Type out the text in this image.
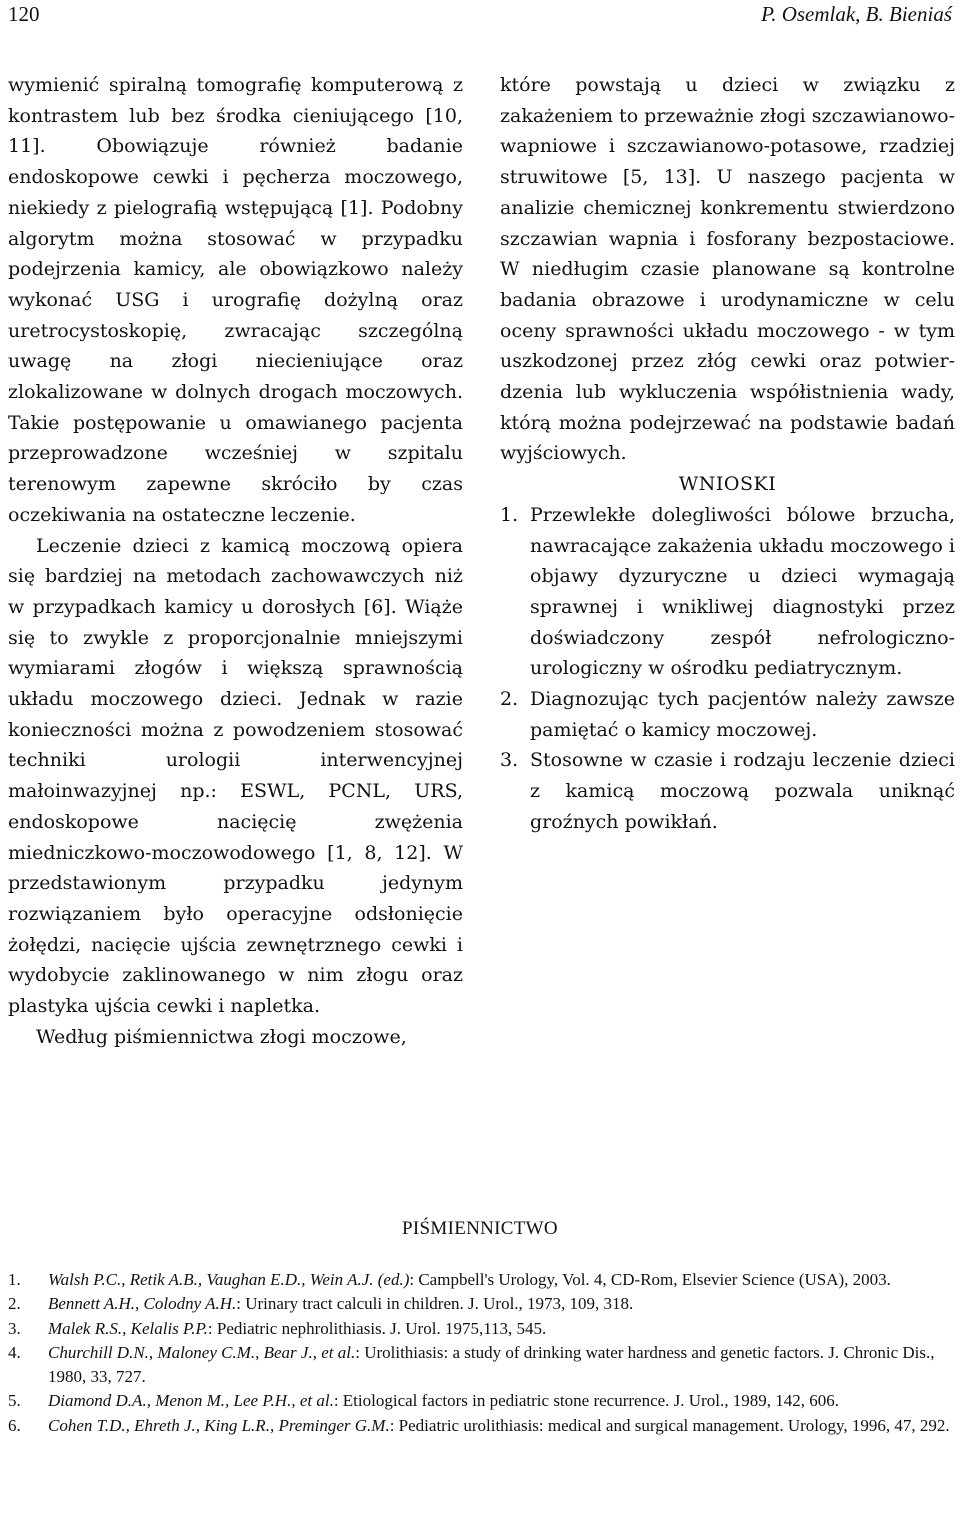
120	P. Osemlak, B. Bieniaś

wymienić spiralną tomografię komputerową z kontrastem lub bez środka cieniującego [10, 11]. Obowiązuje również badanie endoskopowe cewki i pęcherza moczowego, niekiedy z pielografią wstępującą [1]. Podobny algorytm można stosować w przypadku podejrzenia kamicy, ale obowiązkowo należy wykonać USG i urografię dożylną oraz uretrocystoskopię, zwracając szczególną uwagę na złogi niecieniujące oraz zlokalizowane w dolnych drogach moczowych. Takie postępowanie u omawianego pacjenta przeprowadzone wcześniej w szpitalu terenowym zapewne skróciło by czas oczekiwania na ostateczne leczenie.

Leczenie dzieci z kamicą moczową opiera się bardziej na metodach zachowawczych niż w przypadkach kamicy u dorosłych [6]. Wiąże się to zwykle z proporcjonalnie mniejszymi wymiarami złogów i większą sprawnością układu moczowego dzieci. Jednak w razie konieczności można z powodzeniem stosować techniki urologii interwencyjnej małoinwazyjnej np.: ESWL, PCNL, URS, endoskopowe nacięcię zwężenia miedniczkowo-moczowodowego [1, 8, 12]. W przedstawionym przypadku jedynym rozwiązaniem było operacyjne odsłonięcie żołędzi, nacięcie ujścia zewnętrznego cewki i wydobycie zaklinowanego w nim złogu oraz plastyka ujścia cewki i napletka.

Według piśmiennictwa złogi moczowe,

które powstają u dzieci w związku z zakażeniem to przeważnie złogi szczawianowo-wapniowe i szczawianowo-potasowe, rzadziej struwitowe [5, 13]. U naszego pacjenta w analizie chemicznej konkrementu stwierdzono szczawian wapnia i fosforany bezpostaciowe. W niedługim czasie planowane są kontrolne badania obrazowe i urodynamiczne w celu oceny sprawności układu moczowego - w tym uszkodzonej przez złóg cewki oraz potwierdzenia lub wykluczenia współistnienia wady, którą można podejrzewać na podstawie badań wyjściowych.

WNIOSKI

1. Przewlekłe dolegliwości bólowe brzucha, nawracające zakażenia układu moczowego i objawy dyzuryczne u dzieci wymagają sprawnej i wnikliwej diagnostyki przez doświadczony zespół nefrologiczno-urologiczny w ośrodku pediatrycznym.
2. Diagnozując tych pacjentów należy zawsze pamiętać o kamicy moczowej.
3. Stosowne w czasie i rodzaju leczenie dzieci z kamicą moczową pozwala uniknąć groźnych powikłań.
PIŚMIENNICTWO
1.	Walsh P.C., Retik A.B., Vaughan E.D., Wein A.J. (ed.): Campbell's Urology, Vol. 4, CD-Rom, Elsevier Science (USA), 2003.
2.	Bennett A.H., Colodny A.H.: Urinary tract calculi in children. J. Urol., 1973, 109, 318.
3.	Malek R.S., Kelalis P.P.: Pediatric nephrolithiasis. J. Urol. 1975,113, 545.
4.	Churchill D.N., Maloney C.M., Bear J., et al.: Urolithiasis: a study of drinking water hardness and genetic factors. J. Chronic Dis., 1980, 33, 727.
5.	Diamond D.A., Menon M., Lee P.H., et al.: Etiological factors in pediatric stone recurrence. J. Urol., 1989, 142, 606.
6.	Cohen T.D., Ehreth J., King L.R., Preminger G.M.: Pediatric urolithiasis: medical and surgical management. Urology, 1996, 47, 292.
